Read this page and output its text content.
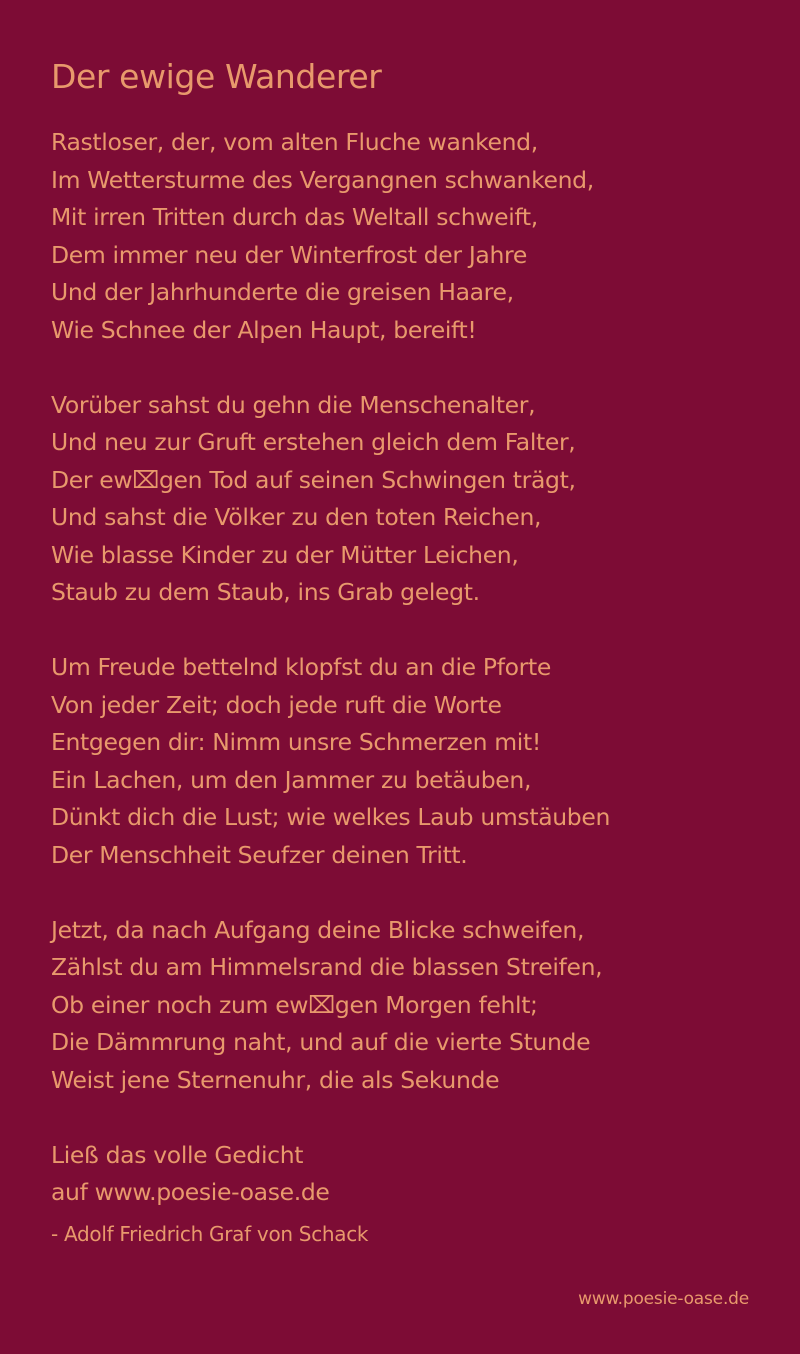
Der ewige Wanderer
Rastloser, der, vom alten Fluche wankend,
Im Wettersturme des Vergangnen schwankend,
Mit irren Tritten durch das Weltall schweift,
Dem immer neu der Winterfrost der Jahre
Und der Jahrhunderte die greisen Haare,
Wie Schnee der Alpen Haupt, bereift!
Vorüber sahst du gehn die Menschenalter,
Und neu zur Gruft erstehen gleich dem Falter,
Der ew⌧gen Tod auf seinen Schwingen trägt,
Und sahst die Völker zu den toten Reichen,
Wie blasse Kinder zu der Mütter Leichen,
Staub zu dem Staub, ins Grab gelegt.
Um Freude bettelnd klopfst du an die Pforte
Von jeder Zeit; doch jede ruft die Worte
Entgegen dir: Nimm unsre Schmerzen mit!
Ein Lachen, um den Jammer zu betäuben,
Dünkt dich die Lust; wie welkes Laub umstäuben
Der Menschheit Seufzer deinen Tritt.
Jetzt, da nach Aufgang deine Blicke schweifen,
Zählst du am Himmelsrand die blassen Streifen,
Ob einer noch zum ew⌧gen Morgen fehlt;
Die Dämmrung naht, und auf die vierte Stunde
Weist jene Sternenuhr, die als Sekunde
Ließ das volle Gedicht
auf www.poesie-oase.de
- Adolf Friedrich Graf von Schack
www.poesie-oase.de
